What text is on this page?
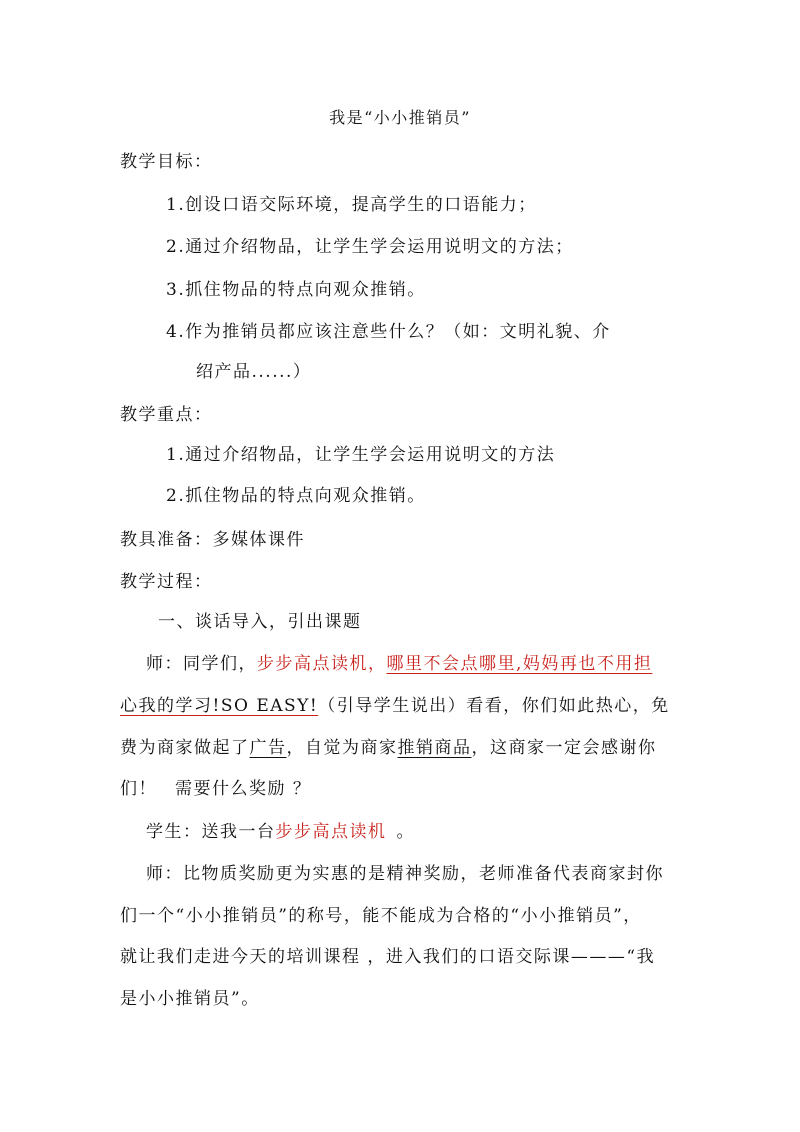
我是“小小推销员”
教学目标：
1.创设口语交际环境，提高学生的口语能力；
2.通过介绍物品，让学生学会运用说明文的方法；
3.抓住物品的特点向观众推销。
4.作为推销员都应该注意些什么？（如：文明礼貌、介
绍产品......）
教学重点：
1.通过介绍物品，让学生学会运用说明文的方法
2.抓住物品的特点向观众推销。
教具准备：多媒体课件
教学过程：
一、谈话导入，引出课题
师：同学们，步步高点读机，哪里不会点哪里,妈妈再也不用担
心我的学习!SO EASY!（引导学生说出）看看，你们如此热心，免
费为商家做起了广告，自觉为商家推销商品，这商家一定会感谢你
们！ 需要什么奖励 ？
学生：送我一台步步高点读机 。
师：比物质奖励更为实惠的是精神奖励，老师准备代表商家封你
们一个“小小推销员”的称号，能不能成为合格的“小小推销员”，
就让我们走进今天的培训课程 ，进入我们的口语交际课———“我
是小小推销员”。
